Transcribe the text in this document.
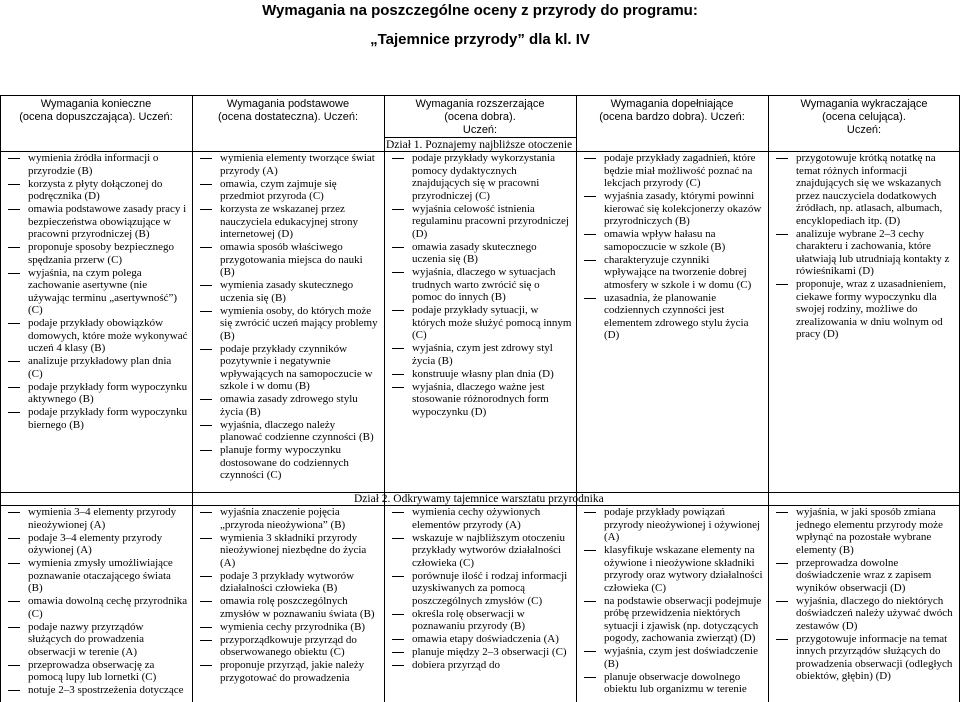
Wymagania na poszczególne oceny z przyrody do programu:
„Tajemnice przyrody” dla kl. IV
Wymagania konieczne
(ocena dopuszczająca). Uczeń:
Wymagania podstawowe
(ocena dostateczna). Uczeń:
Wymagania rozszerzające
(ocena dobra).
Uczeń:
Wymagania dopełniające
(ocena bardzo dobra). Uczeń:
Wymagania wykraczające
(ocena celująca).
Uczeń:
Dział 1. Poznajemy najbliższe otoczenie
wymienia źródła informacji o przyrodzie (B)
korzysta z płyty dołączonej do podręcznika (D)
omawia podstawowe zasady pracy i bezpieczeństwa obowiązujące w pracowni przyrodniczej (B)
proponuje sposoby bezpiecznego spędzania przerw (C)
wyjaśnia, na czym polega zachowanie asertywne (nie używając terminu „asertywność”) (C)
podaje przykłady obowiązków domowych, które może wykonywać uczeń 4 klasy (B)
analizuje przykładowy plan dnia (C)
podaje przykłady form wypoczynku aktywnego (B)
podaje przykłady form wypoczynku biernego (B)
wymienia elementy tworzące świat przyrody (A)
omawia, czym zajmuje się przedmiot przyroda (C)
korzysta ze wskazanej przez nauczyciela edukacyjnej strony internetowej (D)
omawia sposób właściwego przygotowania miejsca do nauki (B)
wymienia zasady skutecznego uczenia się (B)
wymienia osoby, do których może się zwrócić uczeń mający problemy (B)
podaje przykłady czynników pozytywnie i negatywnie wpływających na samopoczucie w szkole i w domu (B)
omawia zasady zdrowego stylu życia (B)
wyjaśnia, dlaczego należy planować codzienne czynności (B)
planuje formy wypoczynku dostosowane do codziennych czynności (C)
podaje przykłady wykorzystania pomocy dydaktycznych znajdujących się w pracowni przyrodniczej (C)
wyjaśnia celowość istnienia regulaminu pracowni przyrodniczej (D)
omawia zasady skutecznego uczenia się (B)
wyjaśnia, dlaczego w sytuacjach trudnych warto zwrócić się o pomoc do innych (B)
podaje przykłady sytuacji, w których może służyć pomocą innym (C)
wyjaśnia, czym jest zdrowy styl życia (B)
konstruuje własny plan dnia (D)
wyjaśnia, dlaczego ważne jest stosowanie różnorodnych form wypoczynku (D)
podaje przykłady zagadnień, które będzie miał możliwość poznać na lekcjach przyrody (C)
wyjaśnia zasady, którymi powinni kierować się kolekcjonerzy okazów przyrodniczych (B)
omawia wpływ hałasu na samopoczucie w szkole (B)
charakteryzuje czynniki wpływające na tworzenie dobrej atmosfery w szkole i w domu (C)
uzasadnia, że planowanie codziennych czynności jest elementem zdrowego stylu życia (D)
przygotowuje krótką notatkę na temat różnych informacji znajdujących się we wskazanych przez nauczyciela dodatkowych źródłach, np. atlasach, albumach, encyklopediach itp. (D)
analizuje wybrane 2–3 cechy charakteru i zachowania, które ułatwiają lub utrudniają kontakty z rówieśnikami (D)
proponuje, wraz z uzasadnieniem, ciekawe formy wypoczynku dla swojej rodziny, możliwe do zrealizowania w dniu wolnym od pracy (D)
Dział 2. Odkrywamy tajemnice warsztatu przyrodnika
wymienia 3–4 elementy przyrody nieożywionej (A)
podaje 3–4 elementy przyrody ożywionej (A)
wymienia zmysły umożliwiające poznawanie otaczającego świata (B)
omawia dowolną cechę przyrodnika (C)
podaje nazwy przyrządów służących do prowadzenia obserwacji w terenie (A)
przeprowadza obserwację za pomocą lupy lub lornetki (C)
notuje 2–3 spostrzeżenia dotyczące
wyjaśnia znaczenie pojęcia „przyroda nieożywiona” (B)
wymienia 3 składniki przyrody nieożywionej niezbędne do życia (A)
podaje 3 przykłady wytworów działalności człowieka (B)
omawia rolę poszczególnych zmysłów w poznawaniu świata (B)
wymienia cechy przyrodnika (B)
przyporządkowuje przyrząd do obserwowanego obiektu (C)
proponuje przyrząd, jakie należy przygotować do prowadzenia
wymienia cechy ożywionych elementów przyrody (A)
wskazuje w najbliższym otoczeniu przykłady wytworów działalności człowieka (C)
porównuje ilość i rodzaj informacji uzyskiwanych za pomocą poszczególnych zmysłów (C)
określa rolę obserwacji w poznawaniu przyrody (B)
omawia etapy doświadczenia (A)
planuje między 2–3 obserwacji (C)
dobiera przyrząd do
podaje przykłady powiązań przyrody nieożywionej i ożywionej (A)
klasyfikuje wskazane elementy na ożywione i nieożywione składniki przyrody oraz wytwory działalności człowieka (C)
na podstawie obserwacji podejmuje próbę przewidzenia niektórych sytuacji i zjawisk (np. dotyczących pogody, zachowania zwierząt) (D)
wyjaśnia, czym jest doświadczenie (B)
planuje obserwacje dowolnego obiektu lub organizmu w terenie
wyjaśnia, w jaki sposób zmiana jednego elementu przyrody może wpłynąć na pozostałe wybrane elementy (B)
przeprowadza dowolne doświadczenie wraz z zapisem wyników obserwacji (D)
wyjaśnia, dlaczego do niektórych doświadczeń należy używać dwóch zestawów (D)
przygotowuje informacje na temat innych przyrządów służących do prowadzenia obserwacji (odległych obiektów, głębin) (D)
